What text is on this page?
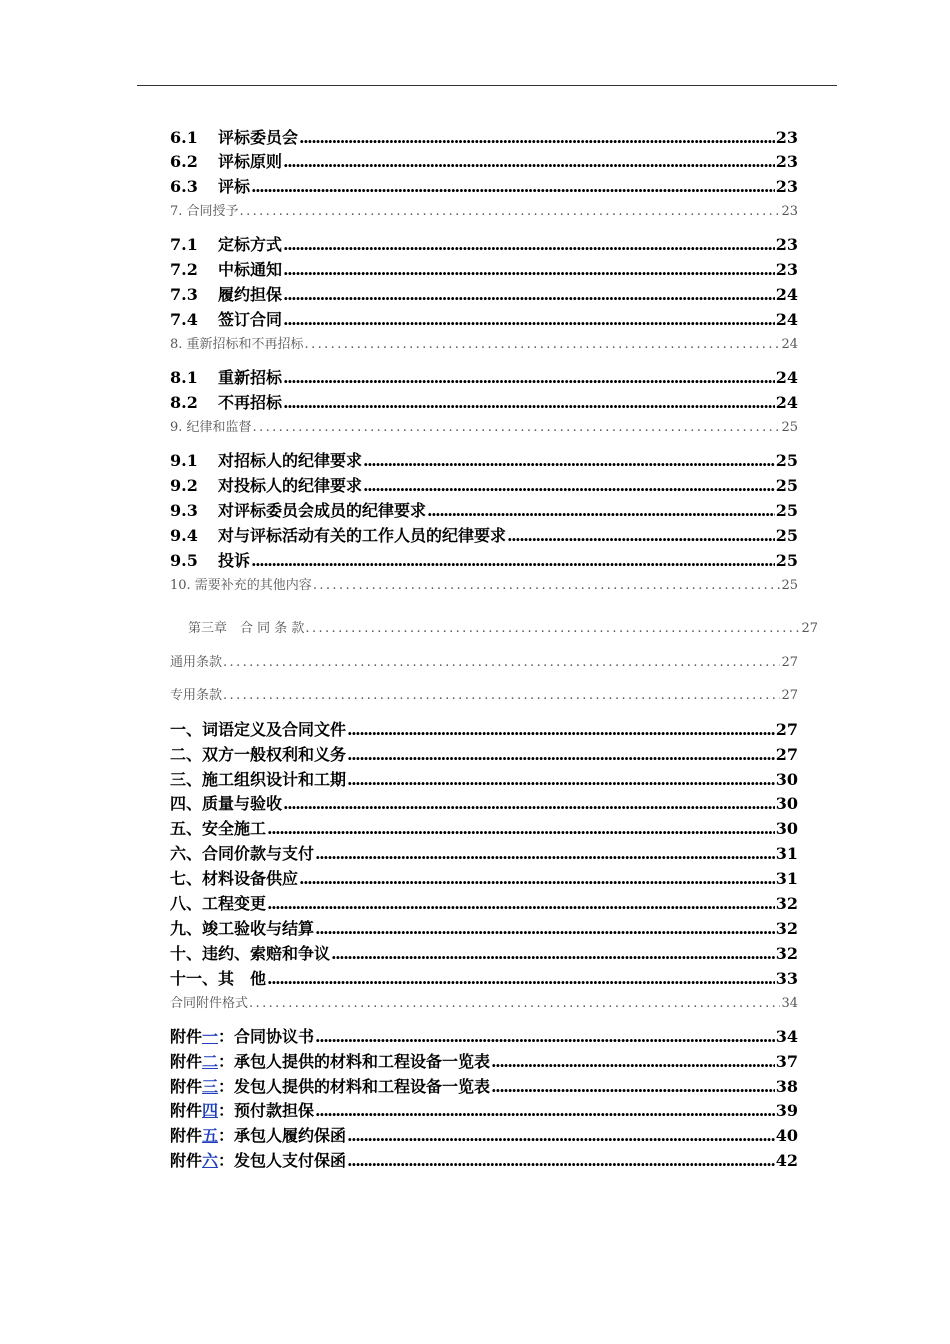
6.1 评标委员会 .....	23
6.2 评标原则 .....	23
6.3 评标 .....	23
7. 合同授予 .....	23
7.1 定标方式 .....	23
7.2 中标通知 .....	23
7.3 履约担保 .....	24
7.4 签订合同 .....	24
8. 重新招标和不再招标 .....	24
8.1 重新招标 .....	24
8.2 不再招标 .....	24
9. 纪律和监督 .....	25
9.1 对招标人的纪律要求 .....	25
9.2 对投标人的纪律要求 .....	25
9.3 对评标委员会成员的纪律要求 .....	25
9.4 对与评标活动有关的工作人员的纪律要求 .....	25
9.5 投诉 .....	25
10. 需要补充的其他内容 .....	25
第三章　合 同 条 款 .....	27
通用条款 .....	27
专用条款 .....	27
一、词语定义及合同文件 .....	27
二、双方一般权利和义务 .....	27
三、施工组织设计和工期 .....	30
四、质量与验收 .....	30
五、安全施工 .....	30
六、合同价款与支付 .....	31
七、材料设备供应 .....	31
八、工程变更 .....	32
九、竣工验收与结算 .....	32
十、违约、索赔和争议 .....	32
十一、其　他 .....	33
合同附件格式 .....	34
附件一：合同协议书 .....	34
附件二：承包人提供的材料和工程设备一览表 .....	37
附件三：发包人提供的材料和工程设备一览表 .....	38
附件四：预付款担保 .....	39
附件五：承包人履约保函 .....	40
附件六：发包人支付保函 .....	42
